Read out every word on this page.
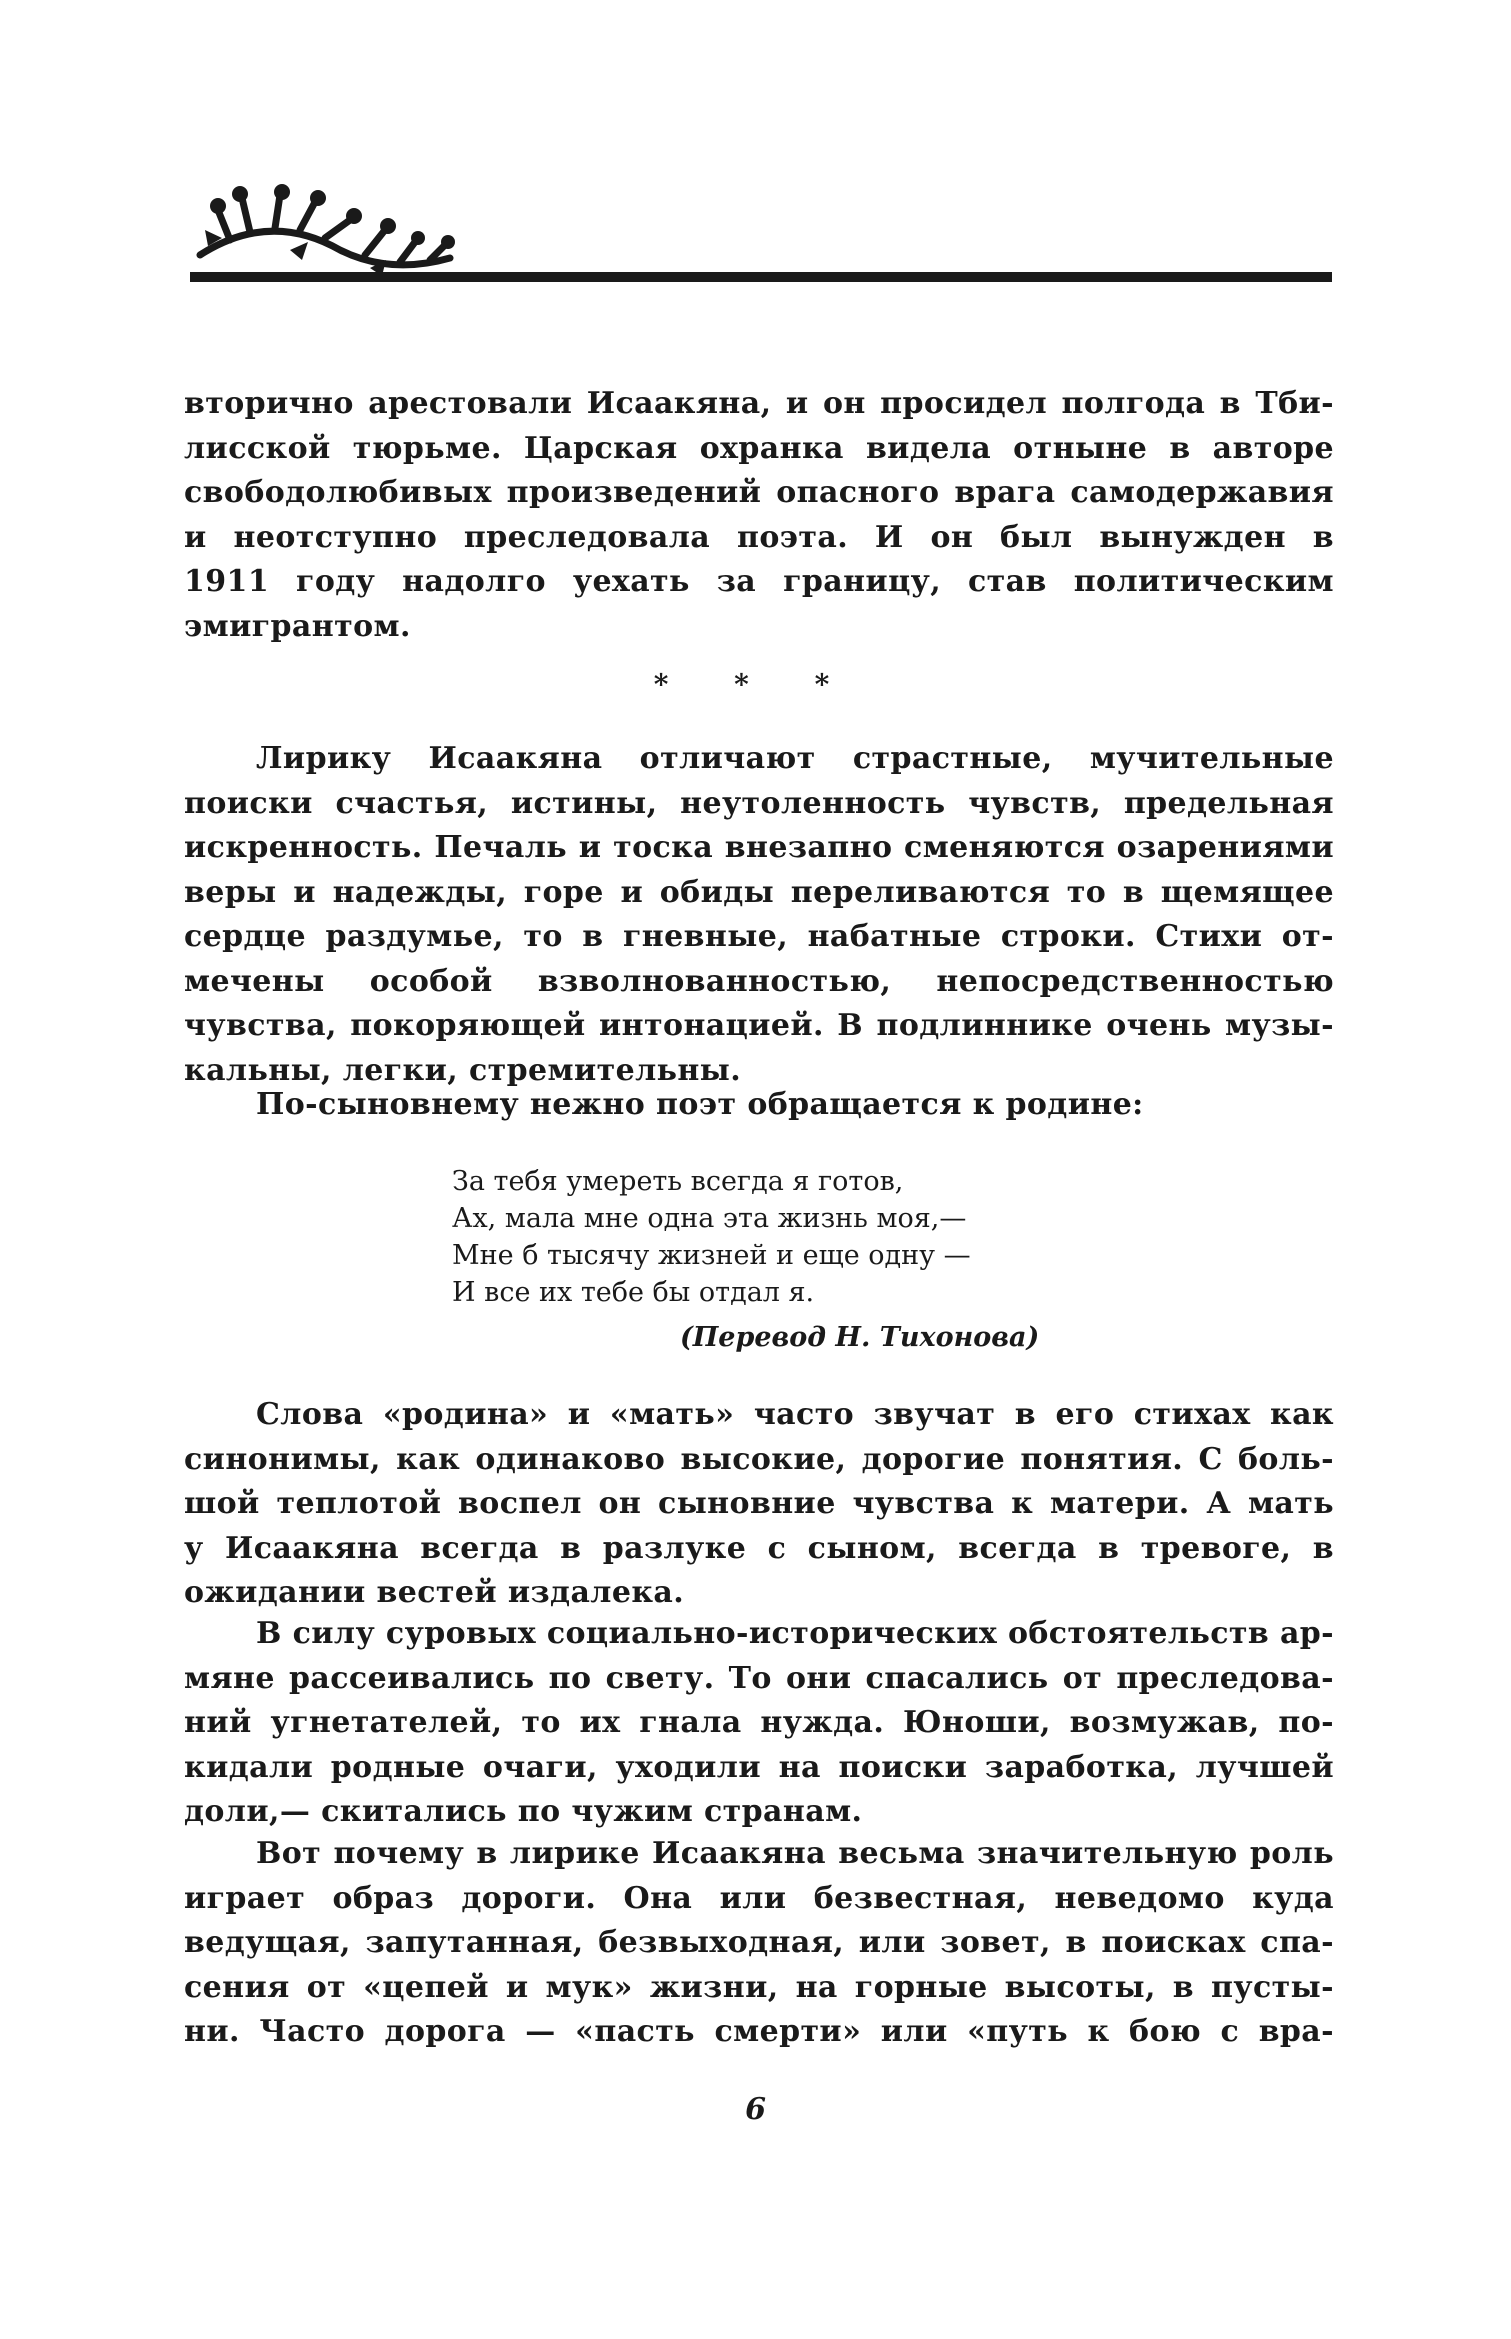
вторично арестовали Исаакяна, и он просидел полгода в Тби-
лисской тюрьме. Царская охранка видела отныне в авторе
свободолюбивых произведений опасного врага самодержавия
и неотступно преследовала поэта. И он был вынужден в
1911 году надолго уехать за границу, став политическим
эмигрантом.
* * *
Лирику Исаакяна отличают страстные, мучительные
поиски счастья, истины, неутоленность чувств, предельная
искренность. Печаль и тоска внезапно сменяются озарениями
веры и надежды, горе и обиды переливаются то в щемящее
сердце раздумье, то в гневные, набатные строки. Стихи от-
мечены особой взволнованностью, непосредственностью
чувства, покоряющей интонацией. В подлиннике очень музы-
кальны, легки, стремительны.
По-сыновнему нежно поэт обращается к родине:
За тебя умереть всегда я готов,
Ах, мала мне одна эта жизнь моя,—
Мне б тысячу жизней и еще одну —
И все их тебе бы отдал я.
(Перевод Н. Тихонова)
Слова «родина» и «мать» часто звучат в его стихах как
синонимы, как одинаково высокие, дорогие понятия. С боль-
шой теплотой воспел он сыновние чувства к матери. А мать
у Исаакяна всегда в разлуке с сыном, всегда в тревоге, в
ожидании вестей издалека.
В силу суровых социально-исторических обстоятельств ар-
мяне рассеивались по свету. То они спасались от преследова-
ний угнетателей, то их гнала нужда. Юноши, возмужав, по-
кидали родные очаги, уходили на поиски заработка, лучшей
доли,— скитались по чужим странам.
Вот почему в лирике Исаакяна весьма значительную роль
играет образ дороги. Она или безвестная, неведомо куда
ведущая, запутанная, безвыходная, или зовет, в поисках спа-
сения от «цепей и мук» жизни, на горные высоты, в пусты-
ни. Часто дорога — «пасть смерти» или «путь к бою с вра-
6
